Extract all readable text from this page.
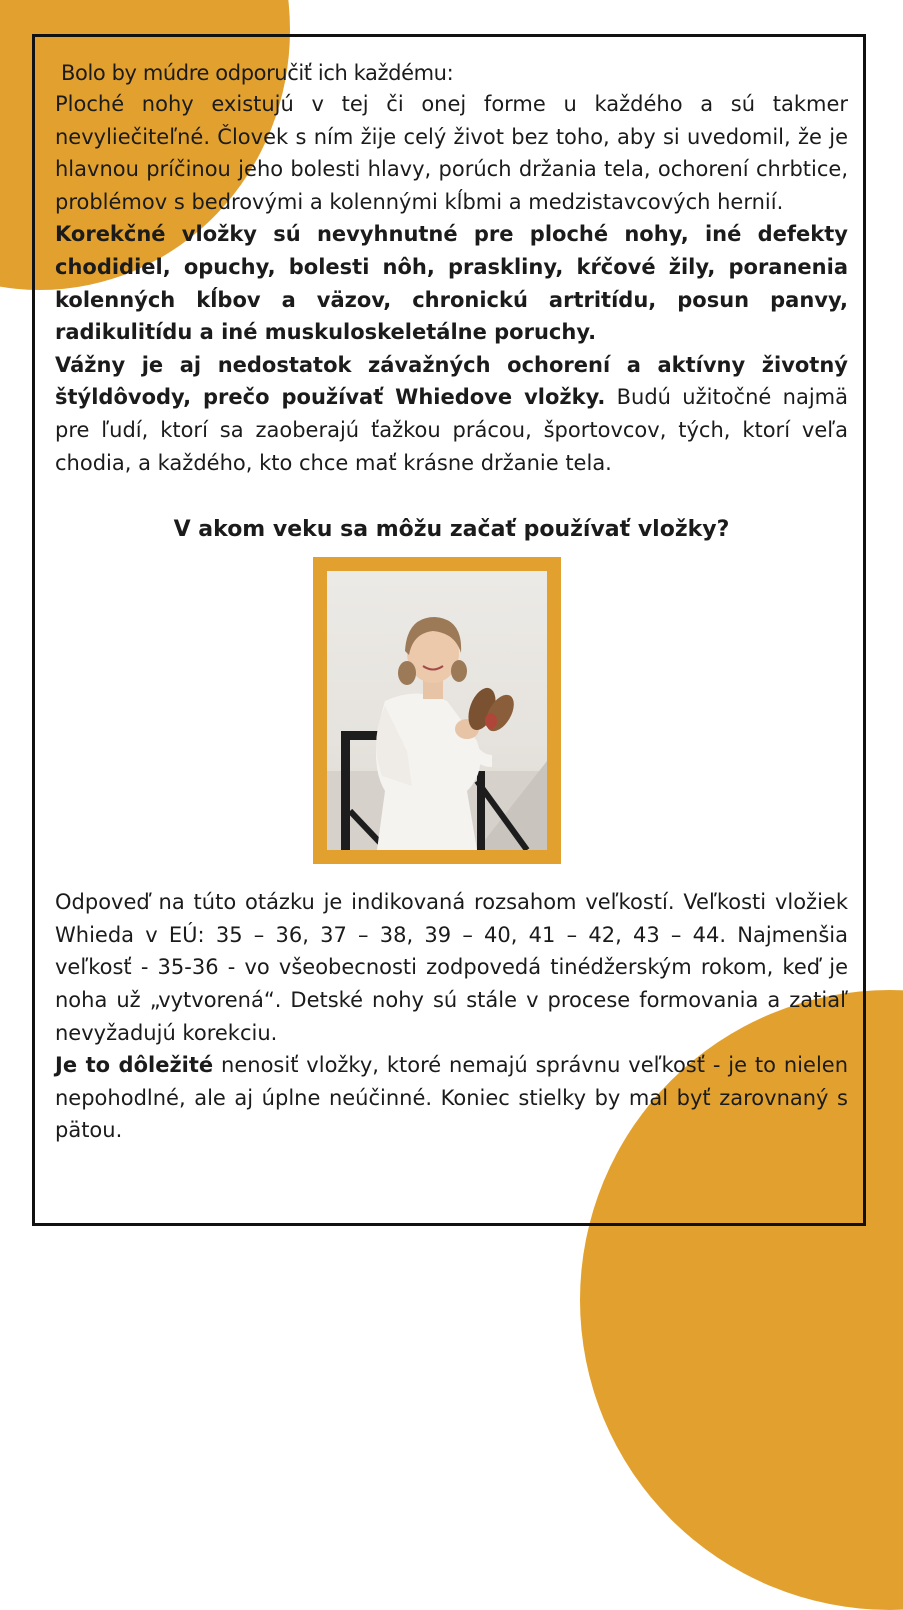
Bolo by múdre odporučiť ich každému:

Ploché nohy existujú v tej či onej forme u každého a sú takmer nevyliečiteľné. Človek s ním žije celý život bez toho, aby si uvedomil, že je hlavnou príčinou jeho bolesti hlavy, porúch držania tela, ochorení chrbtice, problémov s bedrovými a kolennými kĺbmi a medzistavcových hernií.

Korekčné vložky sú nevyhnutné pre ploché nohy, iné defekty chodidiel, opuchy, bolesti nôh, praskliny, kŕčové žily, poranenia kolenných kĺbov a väzov, chronickú artritídu, posun panvy, radikulitídu a iné muskuloskeletálne poruchy.

Vážny je aj nedostatok závažných ochorení a aktívny životný štýldôvody, prečo používať Whiedove vložky. Budú užitočné najmä pre ľudí, ktorí sa zaoberajú ťažkou prácou, športovcov, tých, ktorí veľa chodia, a každého, kto chce mať krásne držanie tela.

V akom veku sa môžu začať používať vložky?

Odpoveď na túto otázku je indikovaná rozsahom veľkostí. Veľkosti vložiek Whieda v EÚ: 35 – 36, 37 – 38, 39 – 40, 41 – 42, 43 – 44. Najmenšia veľkosť - 35-36 - vo všeobecnosti zodpovedá tinédžerským rokom, keď je noha už „vytvorená“. Detské nohy sú stále v procese formovania a zatiaľ nevyžadujú korekciu.

Je to dôležité nenosiť vložky, ktoré nemajú správnu veľkosť - je to nielen nepohodlné, ale aj úplne neúčinné. Koniec stielky by mal byť zarovnaný s pätou.
